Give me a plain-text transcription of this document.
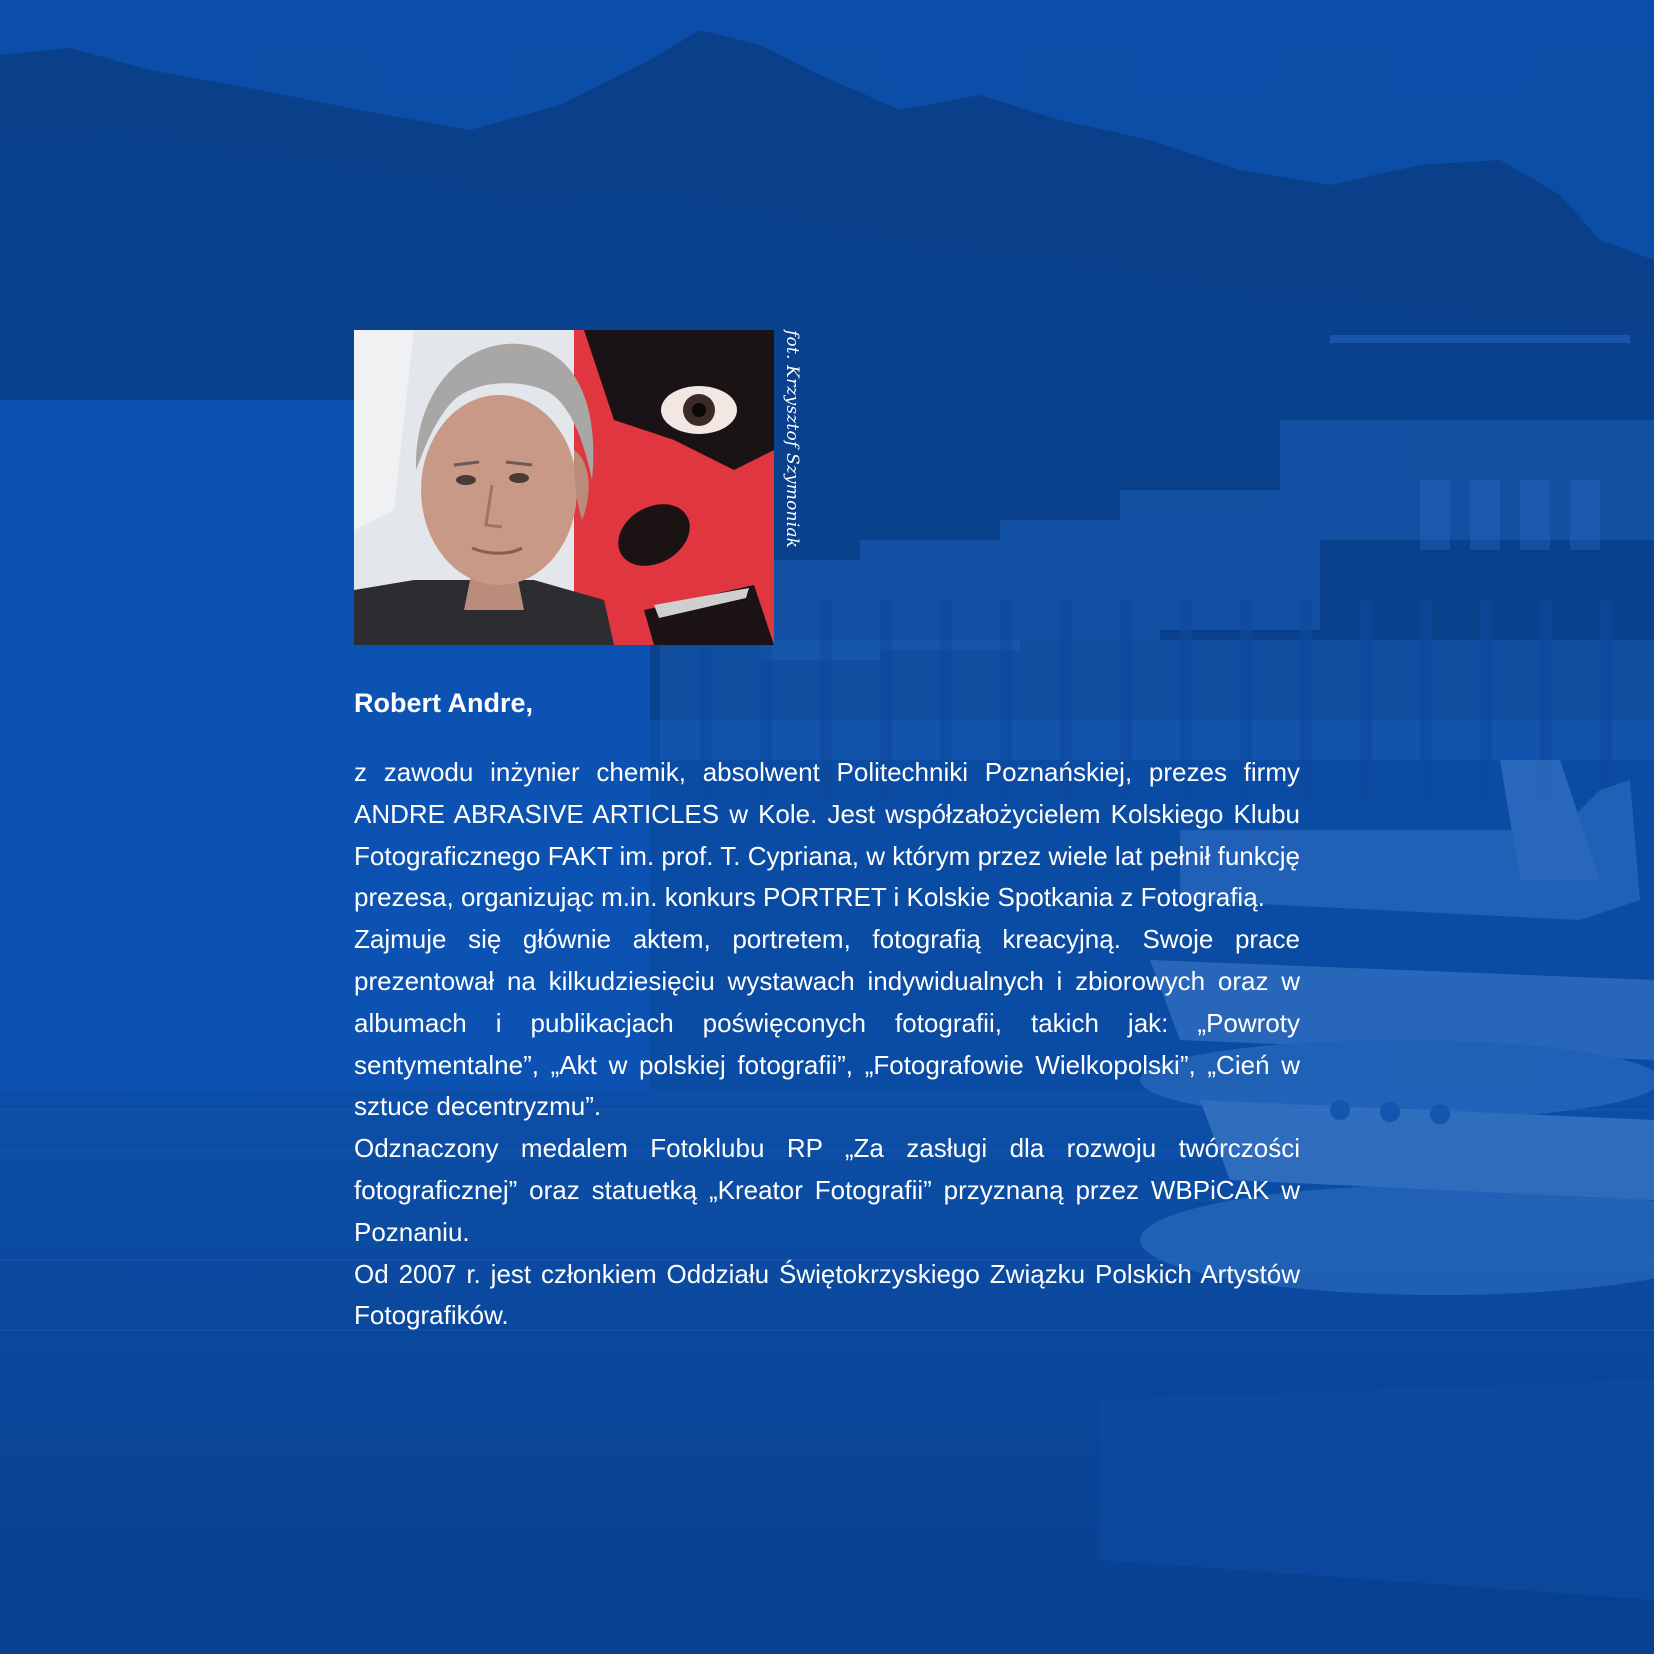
fot. Krzysztof Szymoniak
Robert Andre,

z zawodu inżynier chemik, absolwent Politechniki Poznańskiej, prezes firmy ANDRE ABRASIVE ARTICLES w Kole. Jest współzałożycielem Kolskiego Klubu Fotograficznego FAKT im. prof. T. Cypriana, w którym przez wiele lat pełnił funkcję prezesa, organizując m.in. konkurs PORTRET i Kolskie Spotkania z Fotografią.

Zajmuje się głównie aktem, portretem, fotografią kreacyjną. Swoje prace prezentował na kilkudziesięciu wystawach indywidualnych i zbiorowych oraz w albumach i publikacjach poświęconych fotografii, takich jak: „Powroty sentymentalne”, „Akt w polskiej fotografii”, „Fotografowie Wielkopolski”, „Cień w sztuce decentryzmu”.

Odznaczony medalem Fotoklubu RP „Za zasługi dla rozwoju twórczości fotograficznej” oraz statuetką „Kreator Fotografii” przyznaną przez WBPiCAK w Poznaniu.

Od 2007 r. jest członkiem Oddziału Świętokrzyskiego Związku Polskich Artystów Fotografików.
